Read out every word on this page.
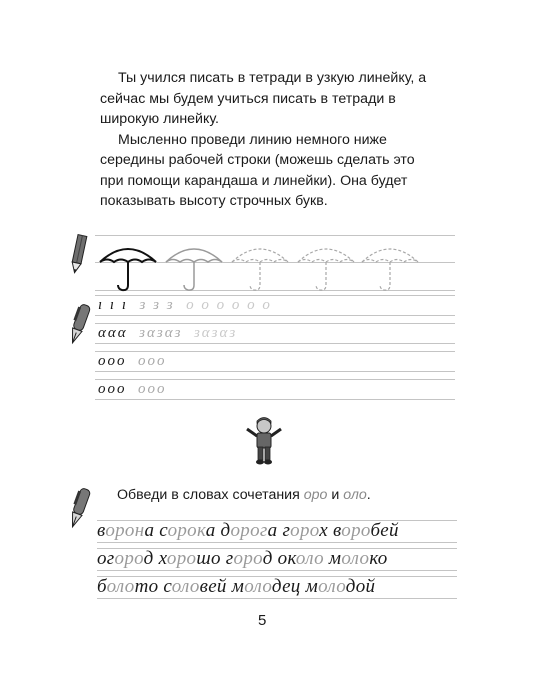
Ты учился писать в тетради в узкую линейку, а сейчас мы будем учиться писать в тетради в широкую линейку.

Мысленно проведи линию немного ниже середины рабочей строки (можешь сделать это при помощи карандаша и линейки). Она будет показывать высоту строчных букв.

ı ı ı ɜ ɜ ɜ o o o o o o
ααα ɜαɜαɜ ɜαɜαɜ
ooo ooo
ooo ooo
Обведи в словах сочетания оро и оло.
ворона сорока дорога горох воробей
огород хорошо город около молоко
болото соловей молодец молодой
5
